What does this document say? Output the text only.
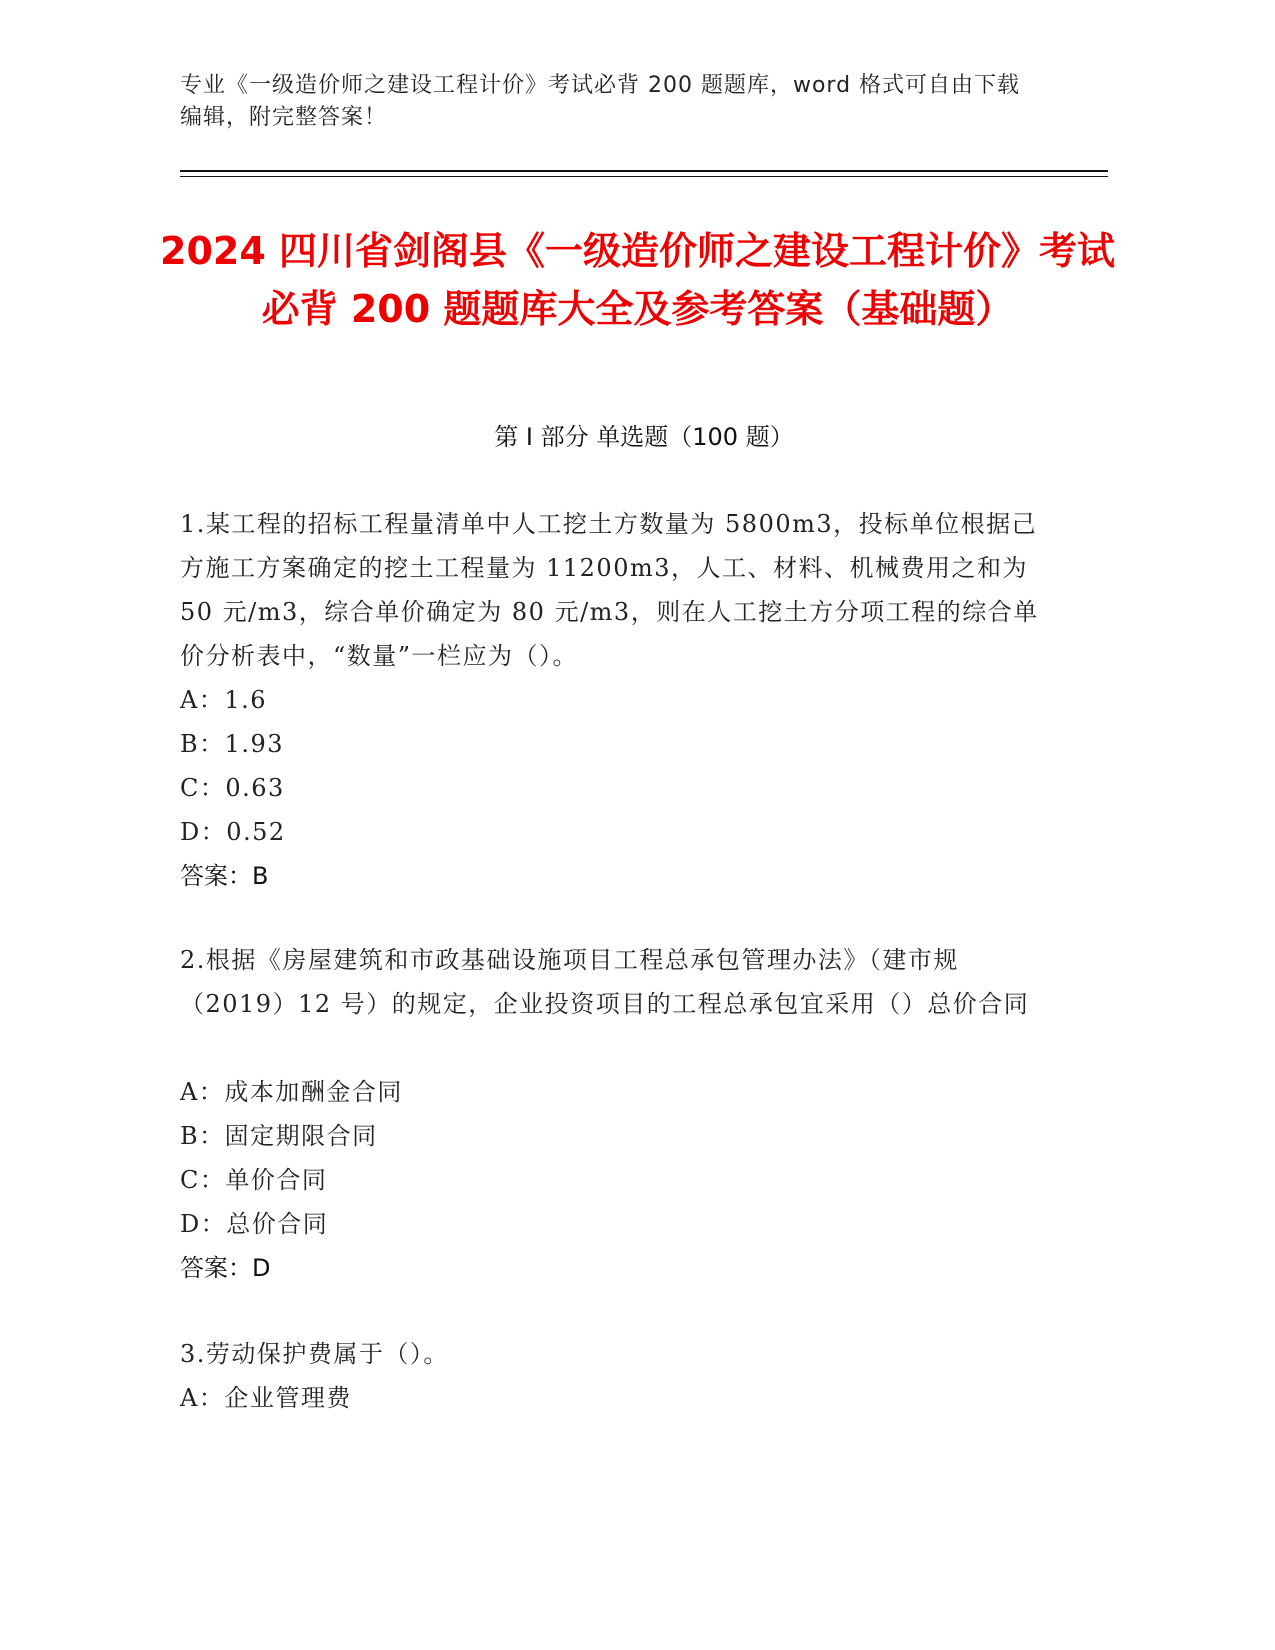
专业《一级造价师之建设工程计价》考试必背 200 题题库，word 格式可自由下载编辑，附完整答案！
2024 四川省剑阁县《一级造价师之建设工程计价》考试必背 200 题题库大全及参考答案（基础题）
第 I 部分 单选题（100 题）
1.某工程的招标工程量清单中人工挖土方数量为 5800m3，投标单位根据己方施工方案确定的挖土工程量为 11200m3，人工、材料、机械费用之和为 50 元/m3，综合单价确定为 80 元/m3，则在人工挖土方分项工程的综合单价分析表中，“数量”一栏应为（）。
A：1.6
B：1.93
C：0.63
D：0.52
答案：B
2.根据《房屋建筑和市政基础设施项目工程总承包管理办法》（建市规（2019）12 号）的规定，企业投资项目的工程总承包宜采用（）总价合同
A：成本加酬金合同
B：固定期限合同
C：单价合同
D：总价合同
答案：D
3.劳动保护费属于（）。
A：企业管理费
